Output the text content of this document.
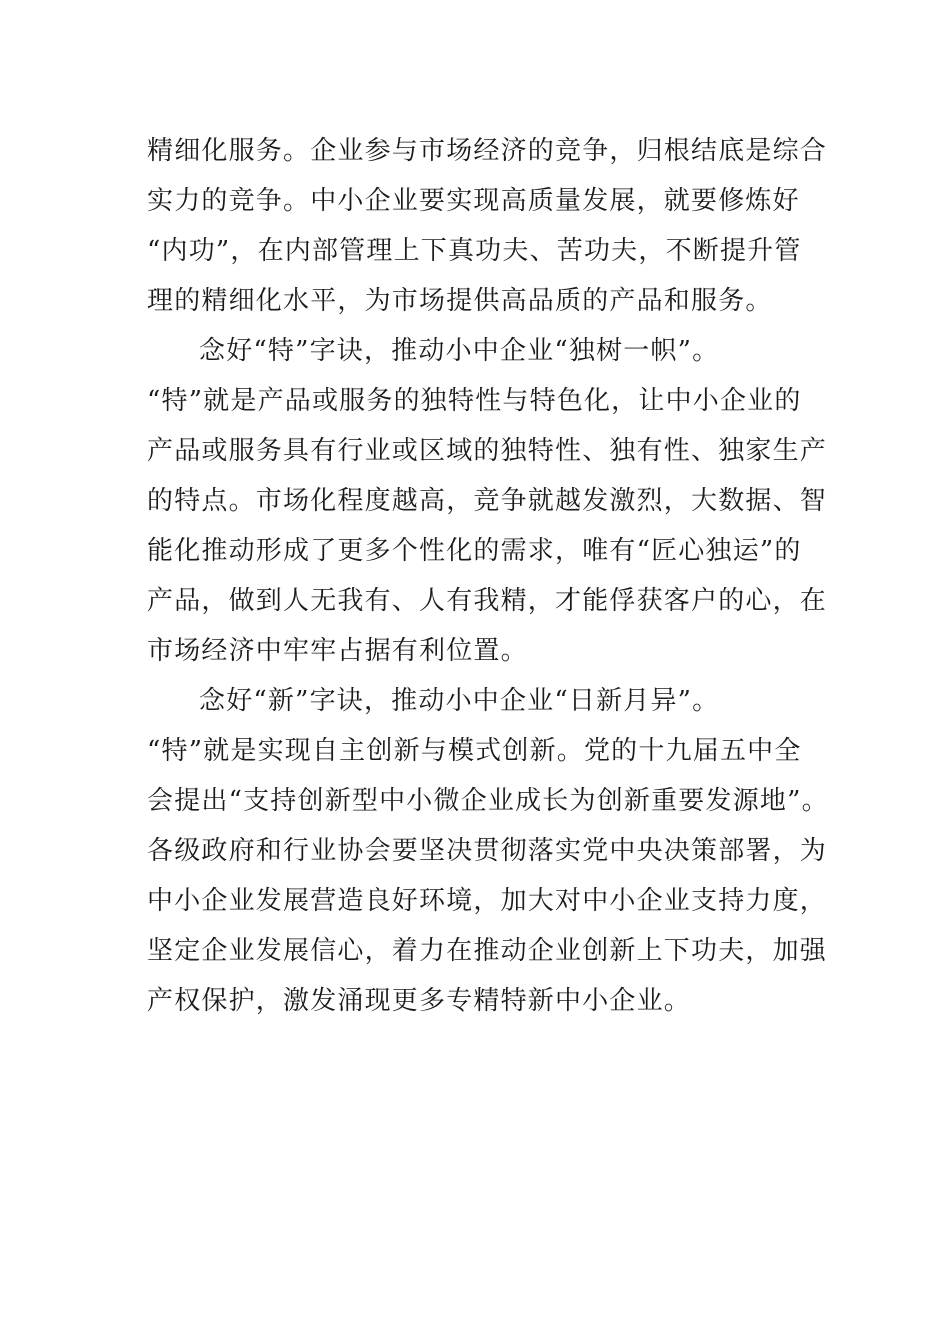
精细化服务。企业参与市场经济的竞争，归根结底是综合
实力的竞争。中小企业要实现高质量发展，就要修炼好
“内功”，在内部管理上下真功夫、苦功夫，不断提升管
理的精细化水平，为市场提供高品质的产品和服务。
念好“特”字诀，推动小中企业“独树一帜”。
“特”就是产品或服务的独特性与特色化，让中小企业的
产品或服务具有行业或区域的独特性、独有性、独家生产
的特点。市场化程度越高，竞争就越发激烈，大数据、智
能化推动形成了更多个性化的需求，唯有“匠心独运”的
产品，做到人无我有、人有我精，才能俘获客户的心，在
市场经济中牢牢占据有利位置。
念好“新”字诀，推动小中企业“日新月异”。
“特”就是实现自主创新与模式创新。党的十九届五中全
会提出“支持创新型中小微企业成长为创新重要发源地”。
各级政府和行业协会要坚决贯彻落实党中央决策部署，为
中小企业发展营造良好环境，加大对中小企业支持力度，
坚定企业发展信心，着力在推动企业创新上下功夫，加强
产权保护，激发涌现更多专精特新中小企业。
